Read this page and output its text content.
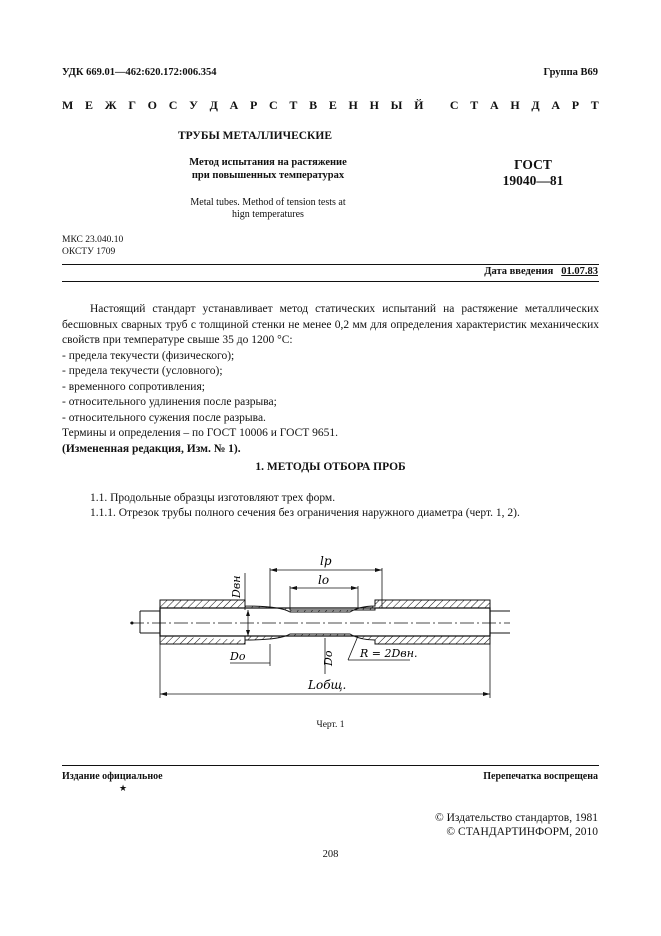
УДК 669.01—462:620.172:006.354	Группа В69
М Е Ж Г О С У Д А Р С Т В Е Н Н Ы Й
С Т А Н Д А Р Т
ТРУБЫ МЕТАЛЛИЧЕСКИЕ
Метод испытания на растяжение
при повышенных температурах
Metal tubes. Method of tension tests at
hign temperatures
ГОСТ
19040—81
МКС 23.040.10
ОКСТУ 1709
Дата введения 01.07.83

Настоящий стандарт устанавливает метод статических испытаний на растяжение металлических бесшовных сварных труб с толщиной стенки не менее 0,2 мм для определения характеристик механических свойств при температуре свыше 35 до 1200 °С:

- предела текучести (физического);

- предела текучести (условного);

- временного сопротивления;

- относительного удлинения после разрыва;

- относительного сужения после разрыва.

Термины и определения – по ГОСТ 10006 и ГОСТ 9651.

(Измененная редакция, Изм. № 1).

1. МЕТОДЫ ОТБОРА ПРОБ
1.1. Продольные образцы изготовляют трех форм.
1.1.1. Отрезок трубы полного сечения без ограничения наружного диаметра (черт. 1, 2).
lp
lo
Dвн
Dо	Dо R = 2Dвн.
Lобщ.
Черт. 1
Издание официальное
★
Перепечатка воспрещена
© Издательство стандартов, 1981
© СТАНДАРТИНФОРМ, 2010
208
